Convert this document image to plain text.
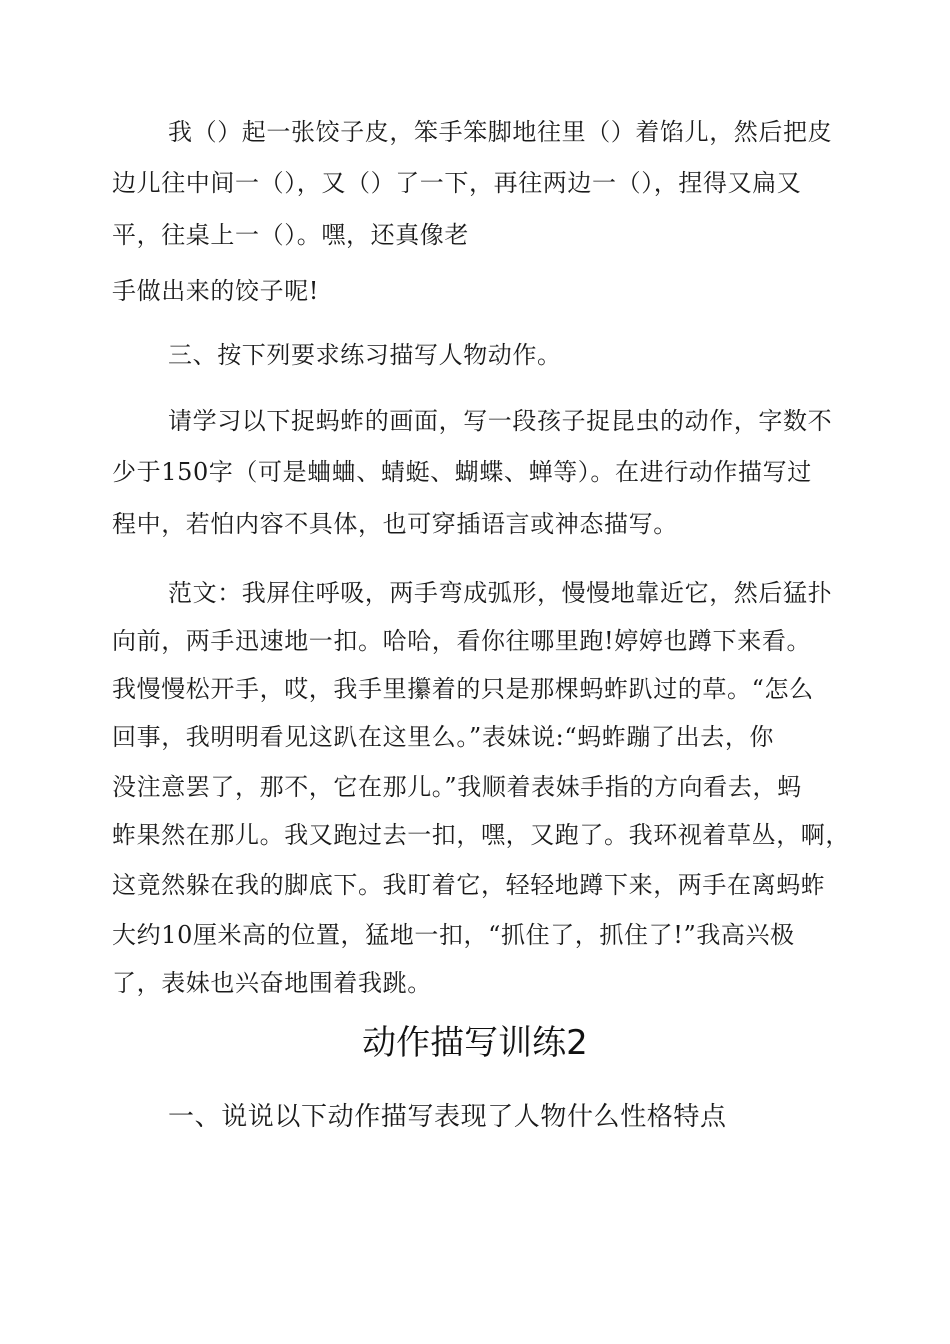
我（）起一张饺子皮，笨手笨脚地往里（）着馅儿，然后把皮
边儿往中间一（），又（）了一下，再往两边一（），捏得又扁又
平，往桌上一（）。嘿，还真像老
手做出来的饺子呢!
三、按下列要求练习描写人物动作。
请学习以下捉蚂蚱的画面，写一段孩子捉昆虫的动作，字数不
少于150字（可是蛐蛐、蜻蜓、蝴蝶、蝉等）。在进行动作描写过
程中，若怕内容不具体，也可穿插语言或神态描写。
范文：我屏住呼吸，两手弯成弧形，慢慢地靠近它，然后猛扑
向前，两手迅速地一扣。哈哈，看你往哪里跑!婷婷也蹲下来看。
我慢慢松开手，哎，我手里攥着的只是那棵蚂蚱趴过的草。“怎么
回事，我明明看见这趴在这里么。”表妹说:“蚂蚱蹦了出去，你
没注意罢了，那不，它在那儿。”我顺着表妹手指的方向看去，蚂
蚱果然在那儿。我又跑过去一扣，嘿，又跑了。我环视着草丛，啊，
这竟然躲在我的脚底下。我盯着它，轻轻地蹲下来，两手在离蚂蚱
大约10厘米高的位置，猛地一扣，“抓住了，抓住了!”我高兴极
了，表妹也兴奋地围着我跳。
动作描写训练2
一、说说以下动作描写表现了人物什么性格特点
